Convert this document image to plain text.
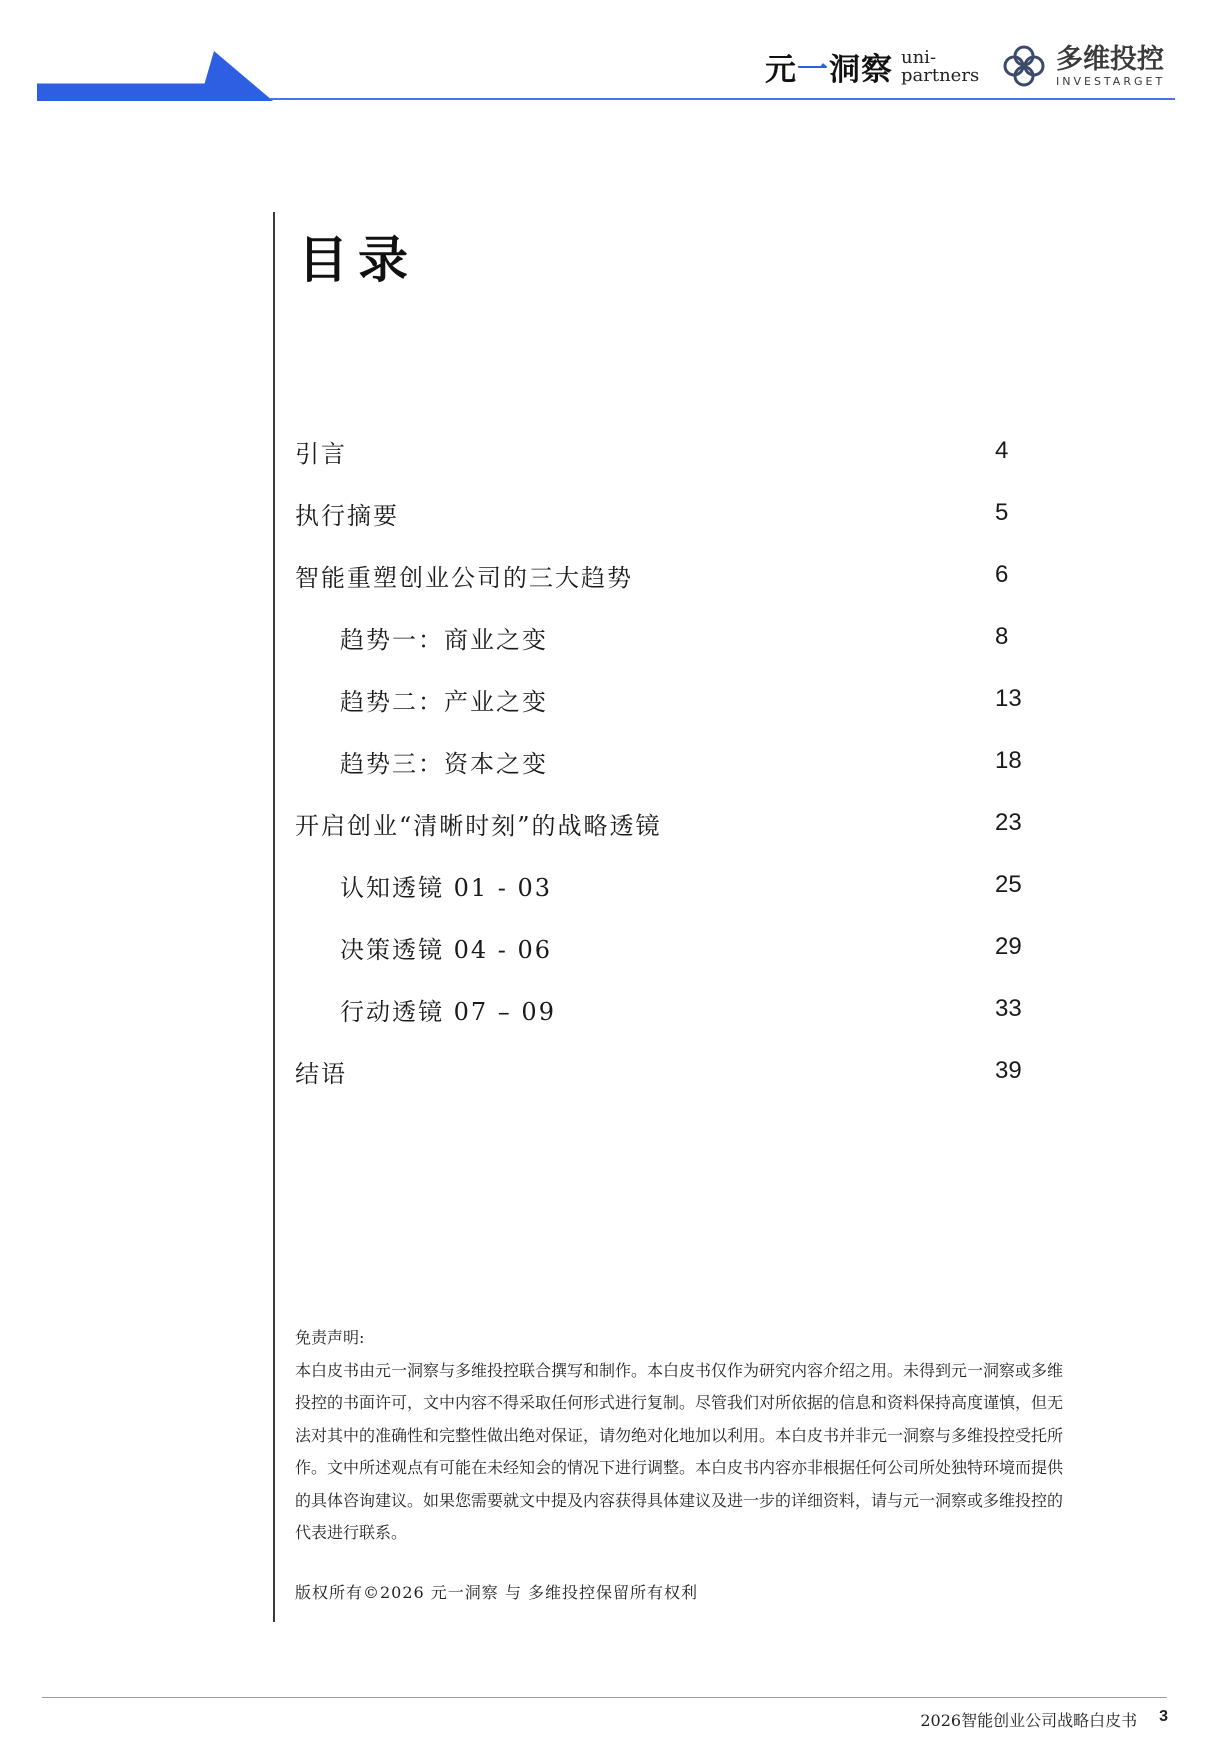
元一洞察 uni-
partners
多维投控
INVESTARGET
目录
引言	4
执行摘要	5
智能重塑创业公司的三大趋势	6
趋势一：商业之变	8
趋势二：产业之变	13
趋势三：资本之变	18
开启创业“清晰时刻”的战略透镜	23
认知透镜 01 - 03	25
决策透镜 04 - 06	29
行动透镜 07 – 09	33
结语	39
免责声明:
本白皮书由元一洞察与多维投控联合撰写和制作。本白皮书仅作为研究内容介绍之用。未得到元一洞察或多维投控的书面许可，文中内容不得采取任何形式进行复制。尽管我们对所依据的信息和资料保持高度谨慎，但无法对其中的准确性和完整性做出绝对保证，请勿绝对化地加以利用。本白皮书并非元一洞察与多维投控受托所作。文中所述观点有可能在未经知会的情况下进行调整。本白皮书内容亦非根据任何公司所处独特环境而提供的具体咨询建议。如果您需要就文中提及内容获得具体建议及进一步的详细资料，请与元一洞察或多维投控的代表进行联系。
版权所有©2026 元一洞察 与 多维投控保留所有权利
2026智能创业公司战略白皮书 3
